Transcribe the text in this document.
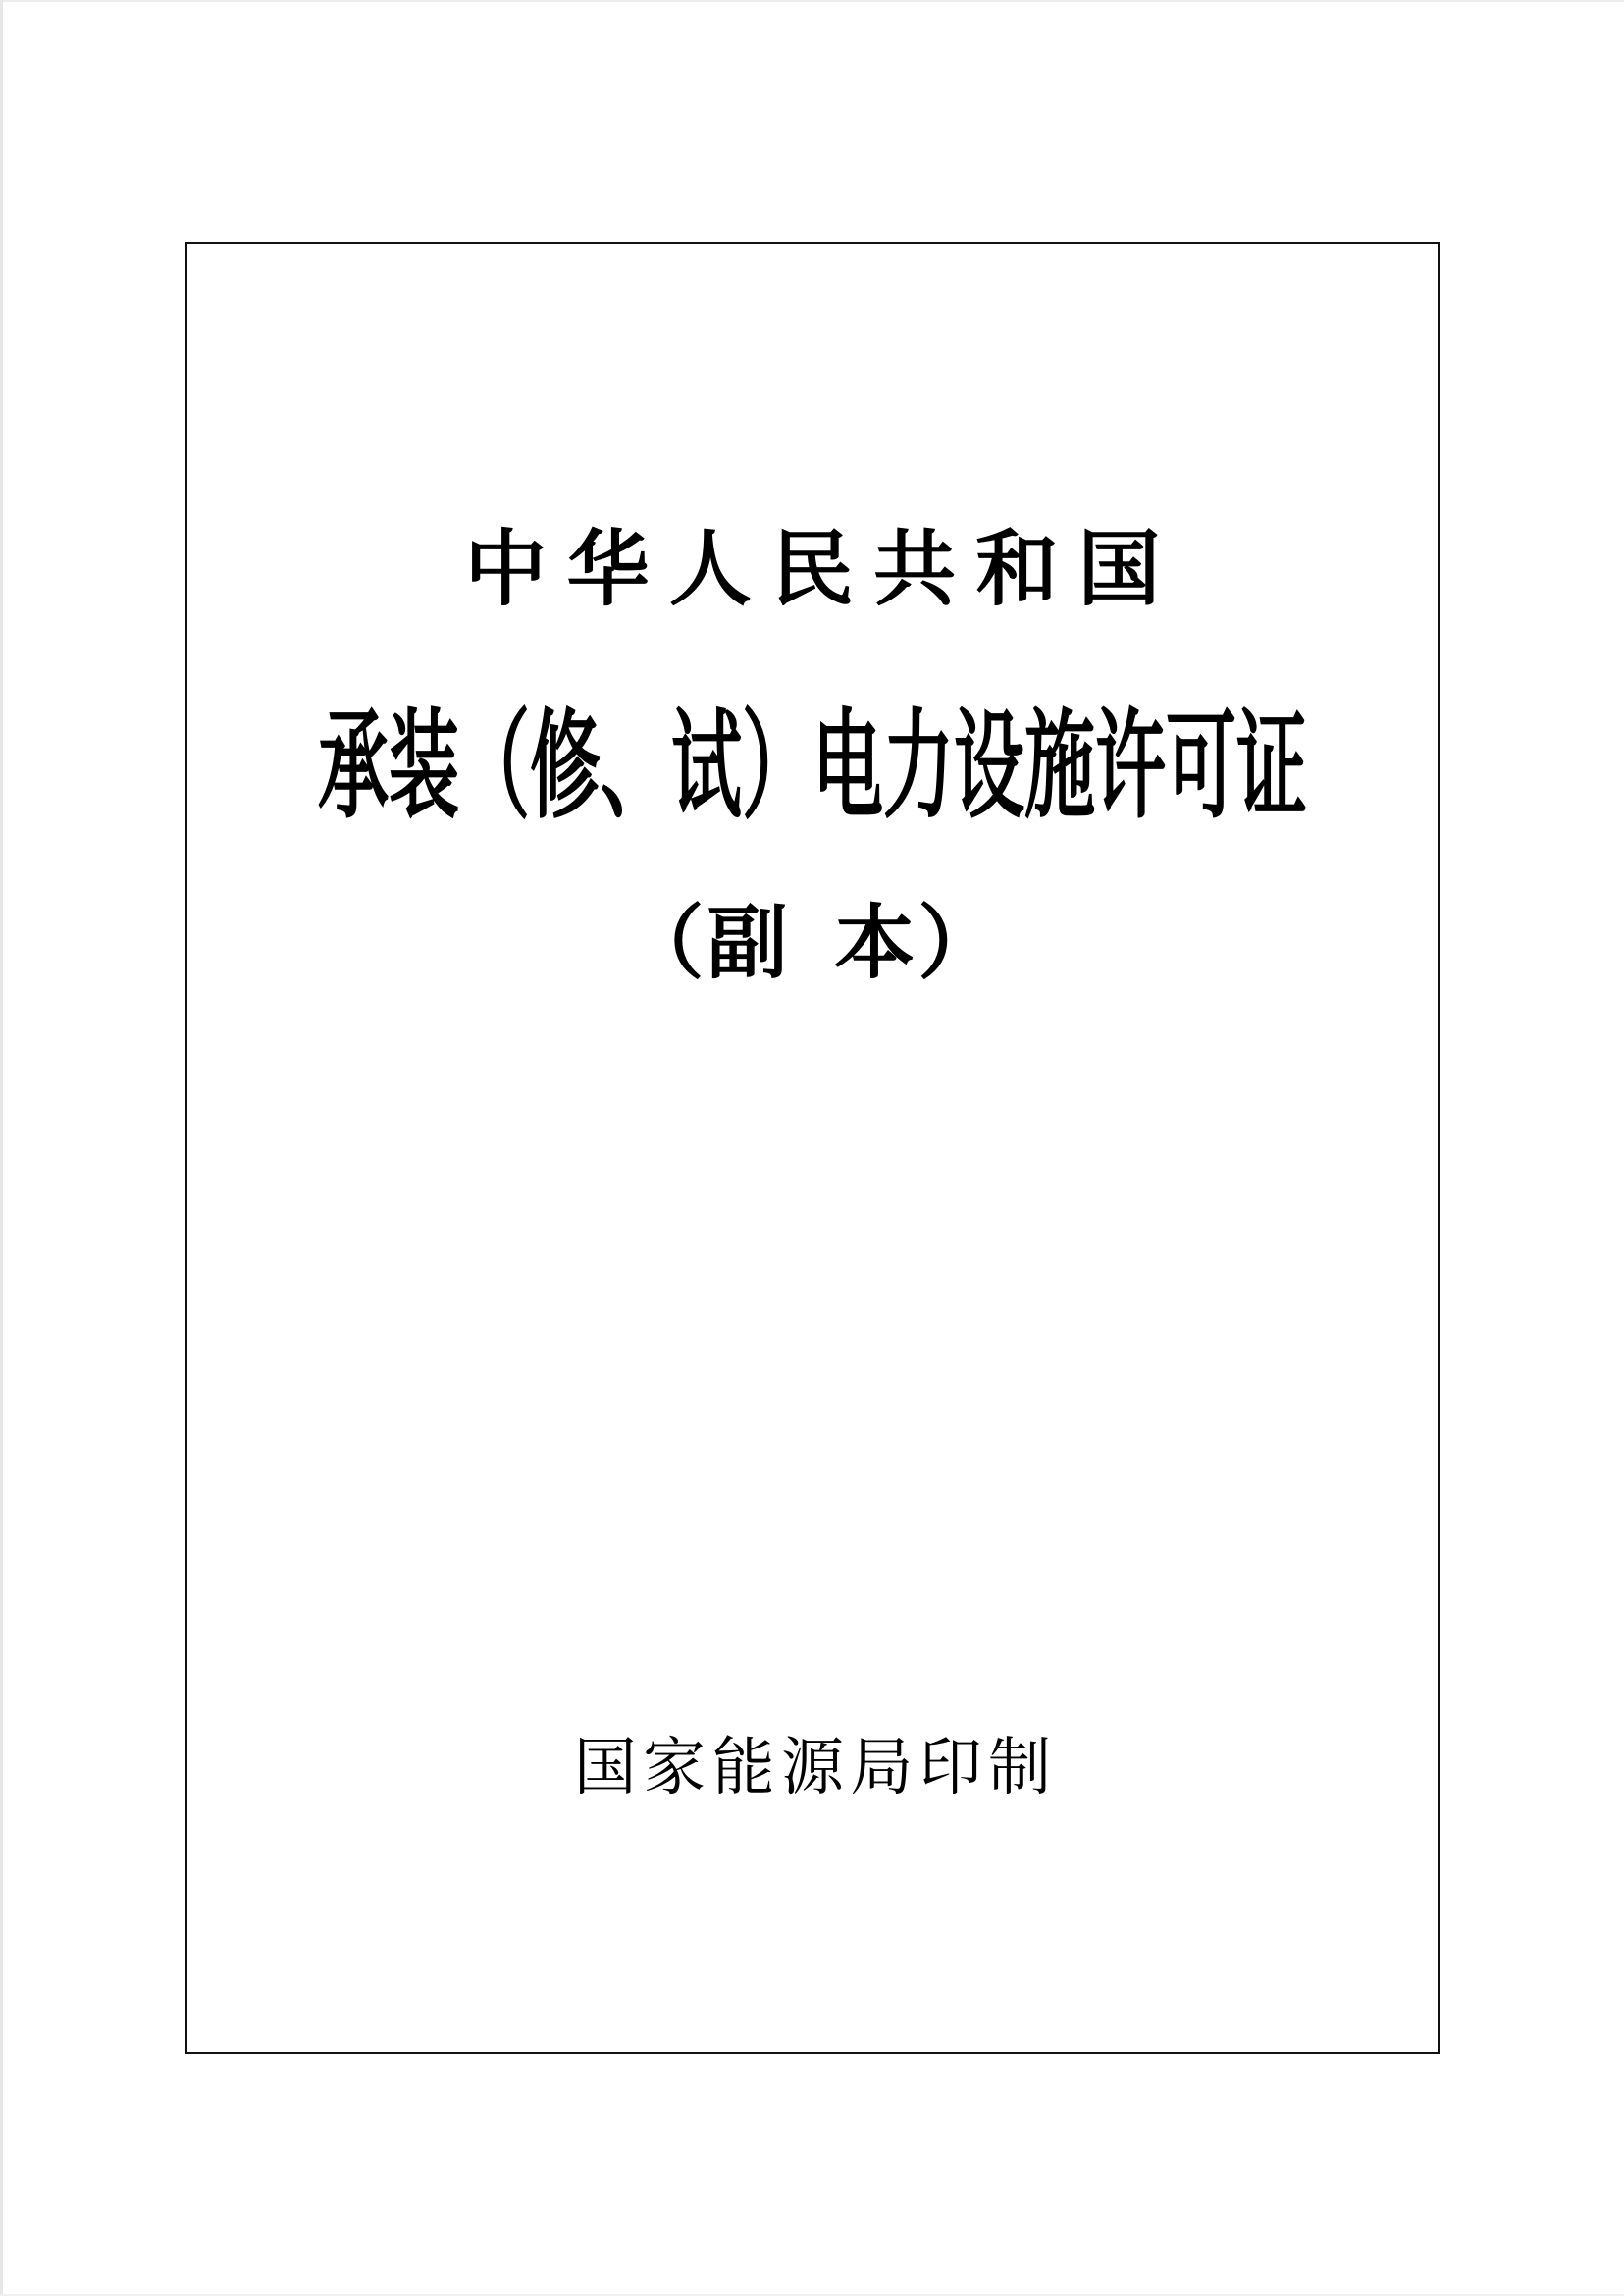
中华人民共和国
承装（修、试）电力设施许可证
（副 本）
国家能源局印制
